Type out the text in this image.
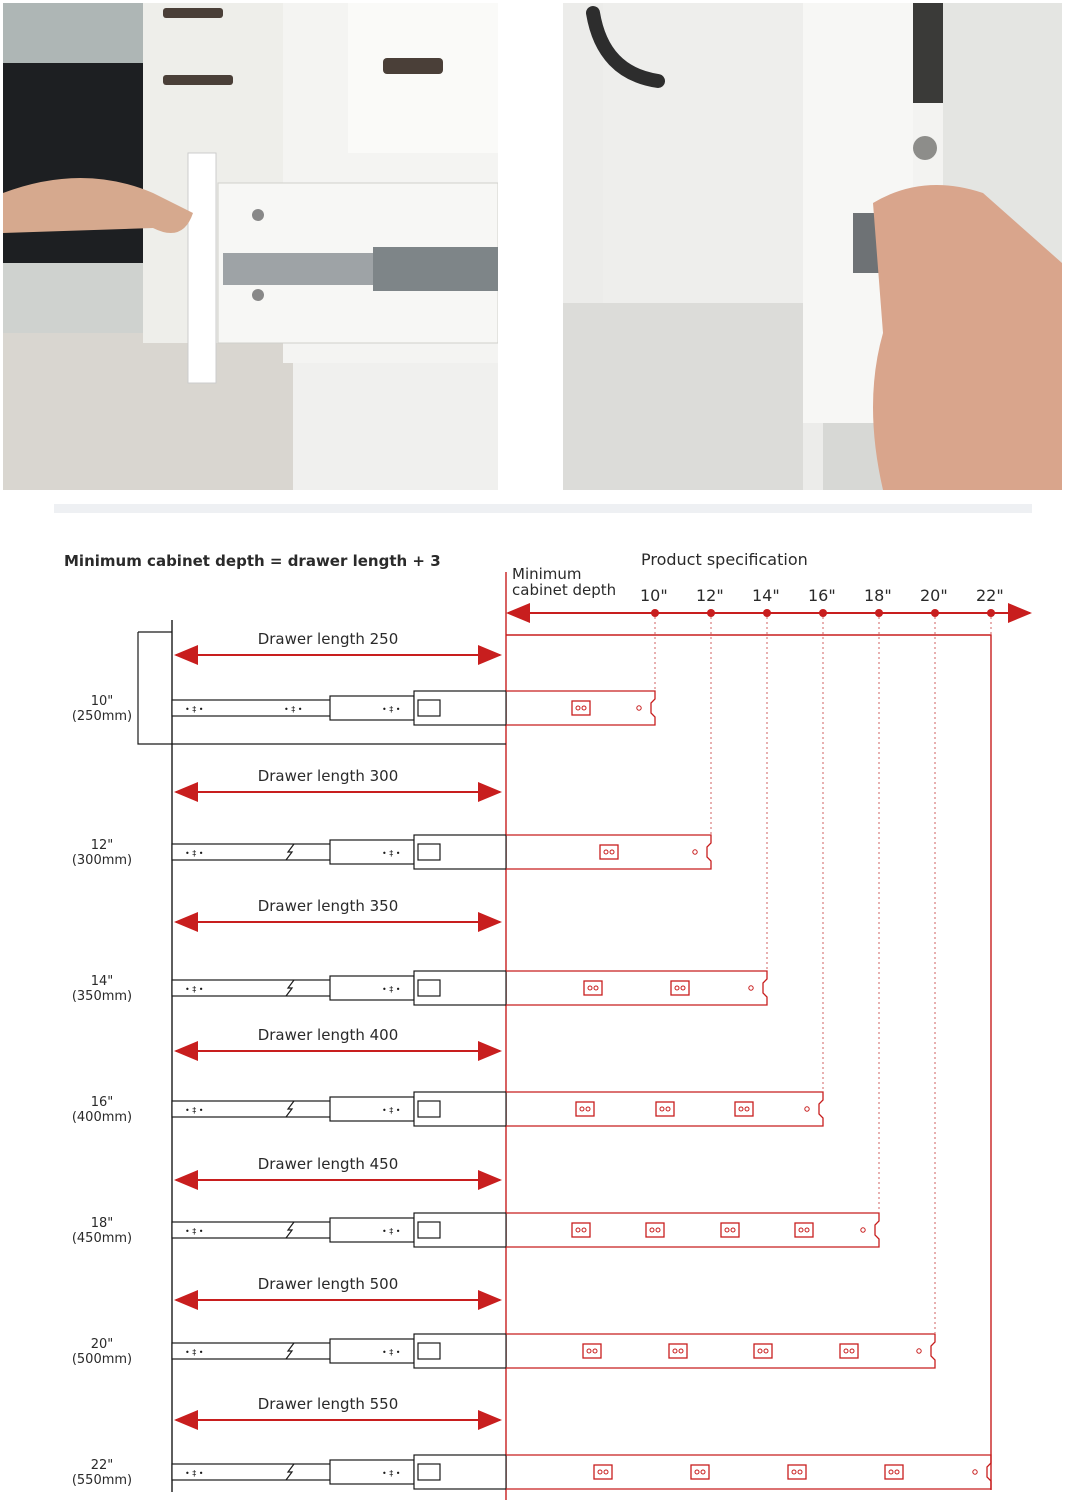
Minimum cabinet depth = drawer length + 3	Product specification
Minimum
cabinet depth 10" 12" 14" 16" 18" 20" 22"
Drawer length 250
10"
(250mm)	• ‡ •	• ‡ •
• ‡ •
Drawer length 300
12"
(300mm)	• ‡ •	• ‡ •
Drawer length 350
14"
(350mm)	• ‡ •	• ‡ •
Drawer length 400
16"
(400mm)	• ‡ •	• ‡ •
Drawer length 450
18"
(450mm)	• ‡ •	• ‡ •
Drawer length 500
20"
(500mm)	• ‡ •	• ‡ •
Drawer length 550
22"
(550mm)	• ‡ •	• ‡ •
